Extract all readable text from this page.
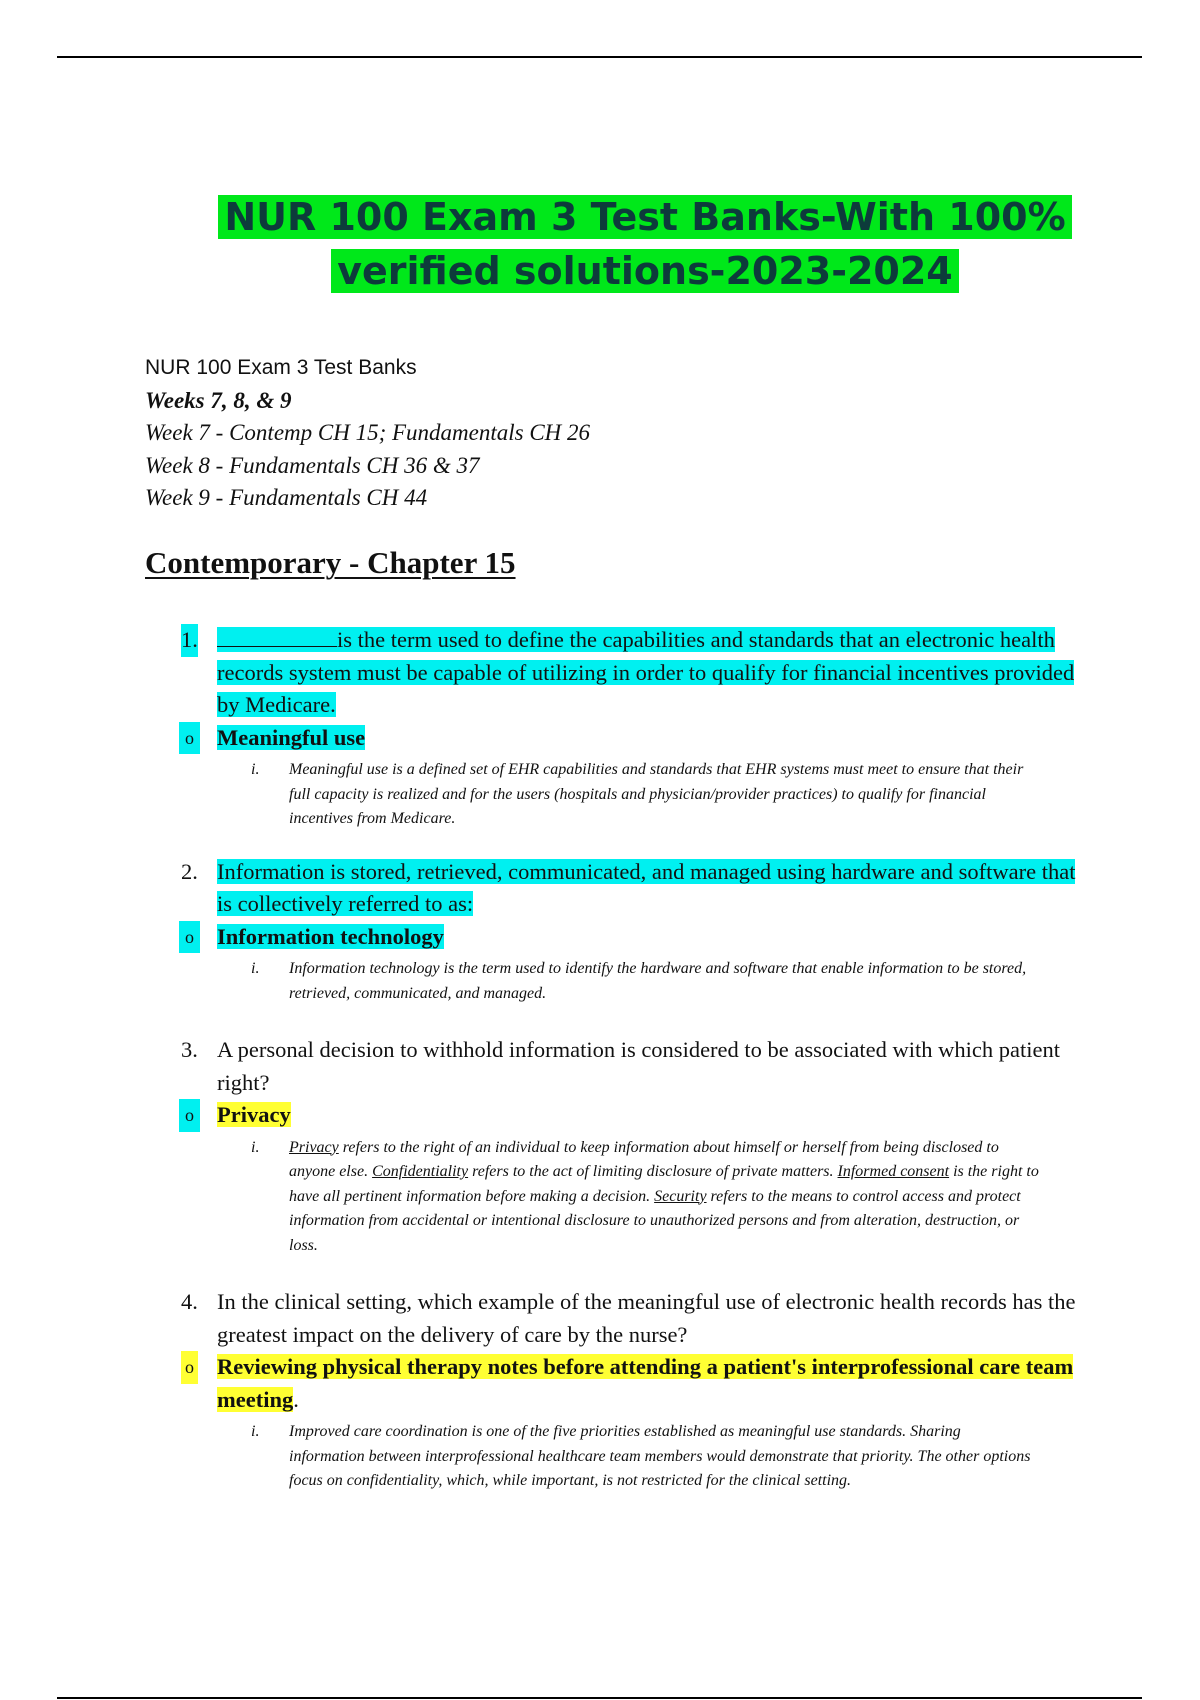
NUR 100 Exam 3 Test Banks-With 100%
verified solutions-2023-2024
NUR 100 Exam 3 Test Banks
Weeks 7, 8, & 9
Week 7 - Contemp CH 15; Fundamentals CH 26
Week 8 - Fundamentals CH 36 & 37
Week 9 - Fundamentals CH 44
Contemporary - Chapter 15
1.	is the term used to define the capabilities and standards that an electronic health records system must be capable of utilizing in order to qualify for financial incentives provided by Medicare.
o Meaningful use
i. Meaningful use is a defined set of EHR capabilities and standards that EHR systems must meet to ensure that their full capacity is realized and for the users (hospitals and physician/provider practices) to qualify for financial incentives from Medicare.
2. Information is stored, retrieved, communicated, and managed using hardware and software that is collectively referred to as:
o Information technology
i. Information technology is the term used to identify the hardware and software that enable information to be stored, retrieved, communicated, and managed.
3. A personal decision to withhold information is considered to be associated with which patient right?
o Privacy
i. Privacy refers to the right of an individual to keep information about himself or herself from being disclosed to anyone else. Confidentiality refers to the act of limiting disclosure of private matters. Informed consent is the right to have all pertinent information before making a decision. Security refers to the means to control access and protect information from accidental or intentional disclosure to unauthorized persons and from alteration, destruction, or loss.
4. In the clinical setting, which example of the meaningful use of electronic health records has the greatest impact on the delivery of care by the nurse?
o Reviewing physical therapy notes before attending a patient's interprofessional care team meeting.
i. Improved care coordination is one of the five priorities established as meaningful use standards. Sharing information between interprofessional healthcare team members would demonstrate that priority. The other options focus on confidentiality, which, while important, is not restricted for the clinical setting.
